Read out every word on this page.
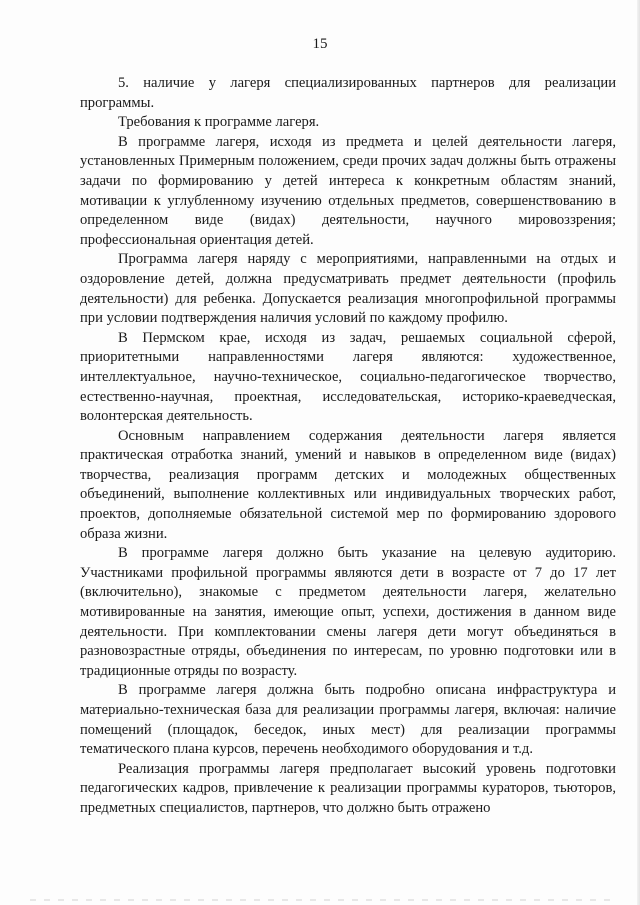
15

5. наличие у лагеря специализированных партнеров для реализации программы.

Требования к программе лагеря.

В программе лагеря, исходя из предмета и целей деятельности лагеря, установленных Примерным положением, среди прочих задач должны быть отражены задачи по формированию у детей интереса к конкретным областям знаний, мотивации к углубленному изучению отдельных предметов, совершенствованию в определенном виде (видах) деятельности, научного мировоззрения; профессиональная ориентация детей.

Программа лагеря наряду с мероприятиями, направленными на отдых и оздоровление детей, должна предусматривать предмет деятельности (профиль деятельности) для ребенка. Допускается реализация многопрофильной программы при условии подтверждения наличия условий по каждому профилю.

В Пермском крае, исходя из задач, решаемых социальной сферой, приоритетными направленностями лагеря являются: художественное, интеллектуальное, научно-техническое, социально-педагогическое творчество, естественно-научная, проектная, исследовательская, историко-краеведческая, волонтерская деятельность.

Основным направлением содержания деятельности лагеря является практическая отработка знаний, умений и навыков в определенном виде (видах) творчества, реализация программ детских и молодежных общественных объединений, выполнение коллективных или индивидуальных творческих работ, проектов, дополняемые обязательной системой мер по формированию здорового образа жизни.

В программе лагеря должно быть указание на целевую аудиторию. Участниками профильной программы являются дети в возрасте от 7 до 17 лет (включительно), знакомые с предметом деятельности лагеря, желательно мотивированные на занятия, имеющие опыт, успехи, достижения в данном виде деятельности. При комплектовании смены лагеря дети могут объединяться в разновозрастные отряды, объединения по интересам, по уровню подготовки или в традиционные отряды по возрасту.

В программе лагеря должна быть подробно описана инфраструктура и материально-техническая база для реализации программы лагеря, включая: наличие помещений (площадок, беседок, иных мест) для реализации программы тематического плана курсов, перечень необходимого оборудования и т.д.

Реализация программы лагеря предполагает высокий уровень подготовки педагогических кадров, привлечение к реализации программы кураторов, тьюторов, предметных специалистов, партнеров, что должно быть отражено
